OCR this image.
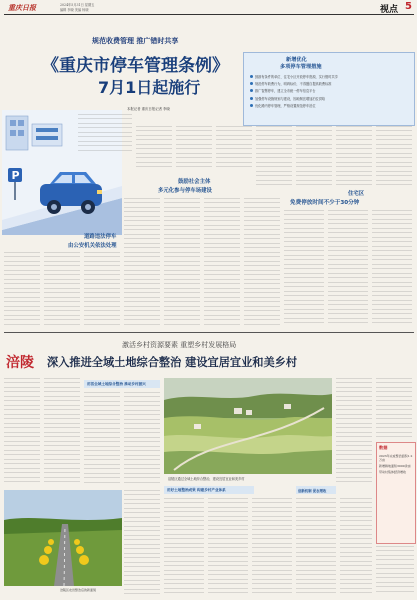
重庆日报	2024年5月31日 星期五
编辑 李晓 美编 杨晓	视点 5
规范收费管理 推广错时共享
《重庆市停车管理条例》
7月1日起施行
本报记者 重庆日报记者 李晓
P
新增优化
多项停车管理措施
鼓励有条件的单位、住宅小区开放停车资源，实行错时共享
规范停车收费行为，明码标价，不得擅自提高收费标准
推广智慧停车，建立全市统一停车信息平台
加强停车设施规划与建设，因地制宜增加泊位供给
优化路内停车管理，严格设置规范停车泊位
道路违法停车
由公安机关依法处理
鼓励社会主体
多元化参与停车场建设	住宅区
免费停放时间不少于30分钟
激活乡村资源要素 重塑乡村发展格局
涪陵 深入推进全域土地综合整治 建设宜居宜业和美乡村
用活全域土地综合整治 推动乡村振兴
涪陵区通过全域土地综合整治，建设宜居宜业和美乡村
数据
2023年完成整治面积1.2万亩
新增耕地面积3000余亩
带动村集体经济增收
用好土地整治成果 构建乡村产业体系	创新机制 促农增收
涪陵区农田整治后的新面貌
